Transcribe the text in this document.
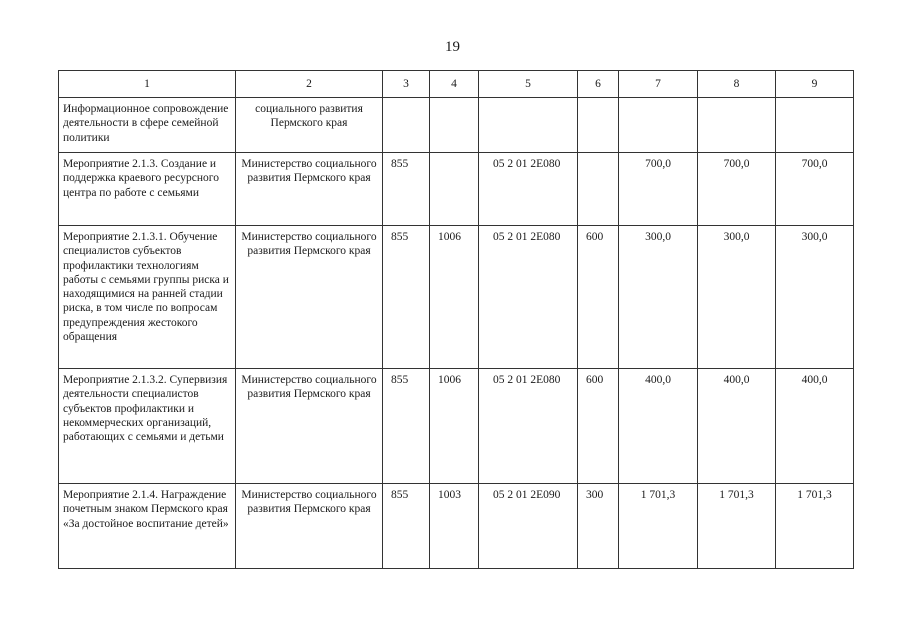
19
1	2	3	4	5	6	7	8	9
Информационное сопровождение деятельности в сфере семейной политики	социального развития Пермского края							
Мероприятие 2.1.3. Создание и поддержка краевого ресурсного центра по работе с семьями	Министерство социального развития Пермского края	855		05 2 01 2E080		700,0	700,0	700,0
Мероприятие 2.1.3.1. Обучение специалистов субъектов профилактики технологиям работы с семьями группы риска и находящимися на ранней стадии риска, в том числе по вопросам предупреждения жестокого обращения	Министерство социального развития Пермского края	855	1006	05 2 01 2E080	600	300,0	300,0	300,0
Мероприятие 2.1.3.2. Супервизия деятельности специалистов субъектов профилактики и некоммерческих организаций, работающих с семьями и детьми	Министерство социального развития Пермского края	855	1006	05 2 01 2E080	600	400,0	400,0	400,0
Мероприятие 2.1.4. Награждение почетным знаком Пермского края «За достойное воспитание детей»	Министерство социального развития Пермского края	855	1003	05 2 01 2E090	300	1 701,3	1 701,3	1 701,3
